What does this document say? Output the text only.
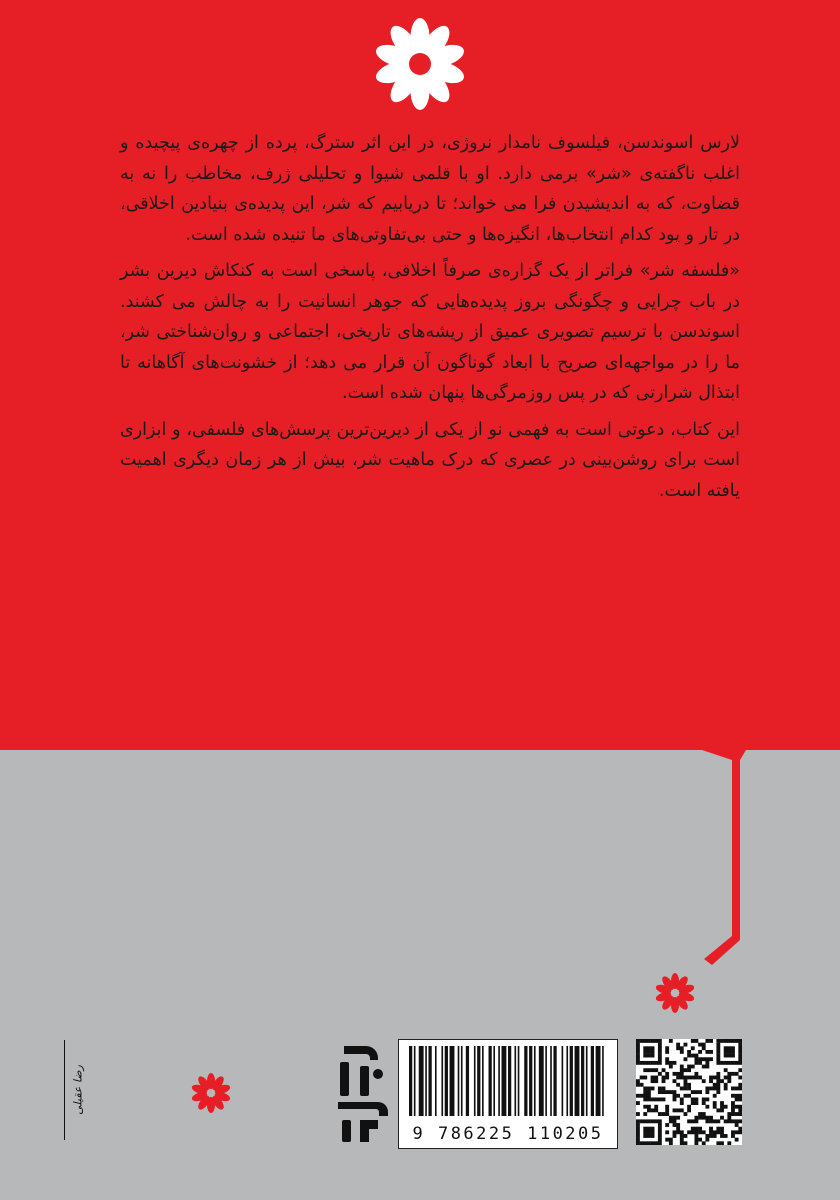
لارس اسوندسن، فیلسوف نامدار نروژی، در این اثر سترگ، پرده از چهره‌ی پیچیده و اغلب ناگفته‌ی «شر» برمی دارد. او با قلمی شیوا و تحلیلی ژرف، مخاطب را نه به قضاوت، که به اندیشیدن فرا می خواند؛ تا دریابیم که شر، این پدیده‌ی بنیادین اخلاقی، در تار و پود کدام انتخاب‌ها، انگیزه‌ها و حتی بی‌تفاوتی‌های ما تنیده شده است.

«فلسفه شر» فراتر از یک گزاره‌ی صرفاً اخلاقی، پاسخی است به کنکاش دیرین بشر در باب چرایی و چگونگی بروز پدیده‌هایی که جوهر انسانیت را به چالش می کشند. اسوندسن با ترسیم تصویری عمیق از ریشه‌های تاریخی، اجتماعی و روان‌شناختی شر، ما را در مواجهه‌ای صریح با ابعاد گوناگون آن قرار می دهد؛ از خشونت‌های آگاهانه تا ابتذال شرارتی که در پس روزمرگی‌ها پنهان شده است.

این کتاب، دعوتی است به فهمی نو از یکی از دیرین‌ترین پرسش‌های فلسفی، و ابزاری است برای روشن‌بینی در عصری که درک ماهیت شر، بیش از هر زمان دیگری اهمیت یافته است.

رضا عقیلی
گیوا
9 786225 110205
